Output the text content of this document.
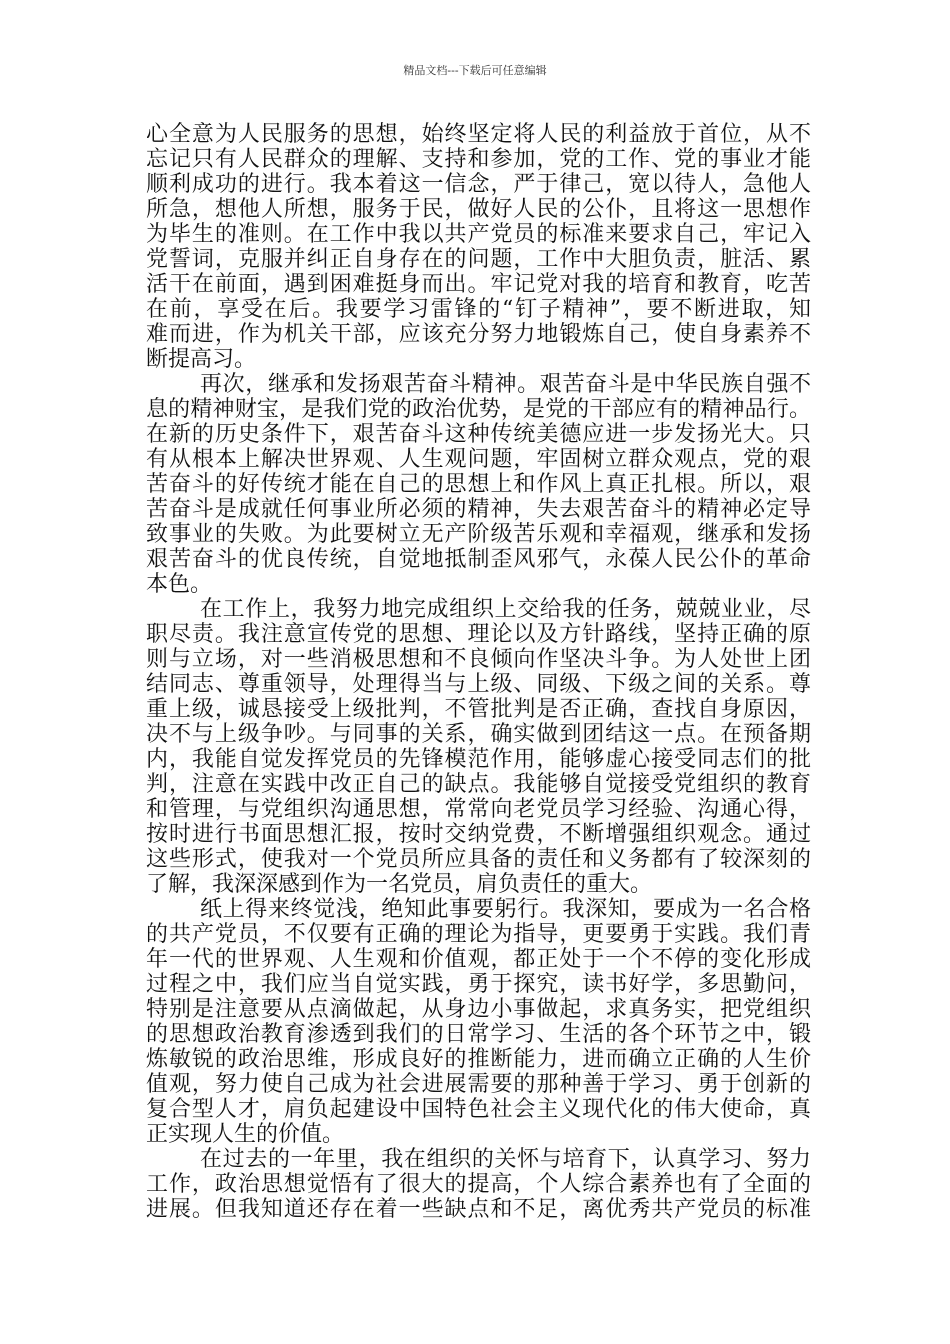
精品文档---下载后可任意编辑
心全意为人民服务的思想，始终坚定将人民的利益放于首位，从不
忘记只有人民群众的理解、支持和参加，党的工作、党的事业才能
顺利成功的进行。我本着这一信念，严于律己，宽以待人，急他人
所急，想他人所想，服务于民，做好人民的公仆，且将这一思想作
为毕生的准则。在工作中我以共产党员的标准来要求自己，牢记入
党誓词，克服并纠正自身存在的问题，工作中大胆负责，脏活、累
活干在前面，遇到困难挺身而出。牢记党对我的培育和教育，吃苦
在前，享受在后。我要学习雷锋的“钉子精神”，要不断进取，知
难而进，作为机关干部，应该充分努力地锻炼自己，使自身素养不
断提高习。
再次，继承和发扬艰苦奋斗精神。艰苦奋斗是中华民族自强不
息的精神财宝，是我们党的政治优势，是党的干部应有的精神品行。
在新的历史条件下，艰苦奋斗这种传统美德应进一步发扬光大。只
有从根本上解决世界观、人生观问题，牢固树立群众观点，党的艰
苦奋斗的好传统才能在自己的思想上和作风上真正扎根。所以，艰
苦奋斗是成就任何事业所必须的精神，失去艰苦奋斗的精神必定导
致事业的失败。为此要树立无产阶级苦乐观和幸福观，继承和发扬
艰苦奋斗的优良传统，自觉地抵制歪风邪气，永葆人民公仆的革命
本色。
在工作上，我努力地完成组织上交给我的任务，兢兢业业，尽
职尽责。我注意宣传党的思想、理论以及方针路线，坚持正确的原
则与立场，对一些消极思想和不良倾向作坚决斗争。为人处世上团
结同志、尊重领导，处理得当与上级、同级、下级之间的关系。尊
重上级，诚恳接受上级批判，不管批判是否正确，查找自身原因，
决不与上级争吵。与同事的关系，确实做到团结这一点。在预备期
内，我能自觉发挥党员的先锋模范作用，能够虚心接受同志们的批
判，注意在实践中改正自己的缺点。我能够自觉接受党组织的教育
和管理，与党组织沟通思想，常常向老党员学习经验、沟通心得，
按时进行书面思想汇报，按时交纳党费，不断增强组织观念。通过
这些形式，使我对一个党员所应具备的责任和义务都有了较深刻的
了解，我深深感到作为一名党员，肩负责任的重大。
纸上得来终觉浅，绝知此事要躬行。我深知，要成为一名合格
的共产党员，不仅要有正确的理论为指导，更要勇于实践。我们青
年一代的世界观、人生观和价值观，都正处于一个不停的变化形成
过程之中，我们应当自觉实践，勇于探究，读书好学，多思勤问，
特别是注意要从点滴做起，从身边小事做起，求真务实，把党组织
的思想政治教育渗透到我们的日常学习、生活的各个环节之中，锻
炼敏锐的政治思维，形成良好的推断能力，进而确立正确的人生价
值观，努力使自己成为社会进展需要的那种善于学习、勇于创新的
复合型人才，肩负起建设中国特色社会主义现代化的伟大使命，真
正实现人生的价值。
在过去的一年里，我在组织的关怀与培育下，认真学习、努力
工作，政治思想觉悟有了很大的提高，个人综合素养也有了全面的
进展。但我知道还存在着一些缺点和不足，离优秀共产党员的标准
